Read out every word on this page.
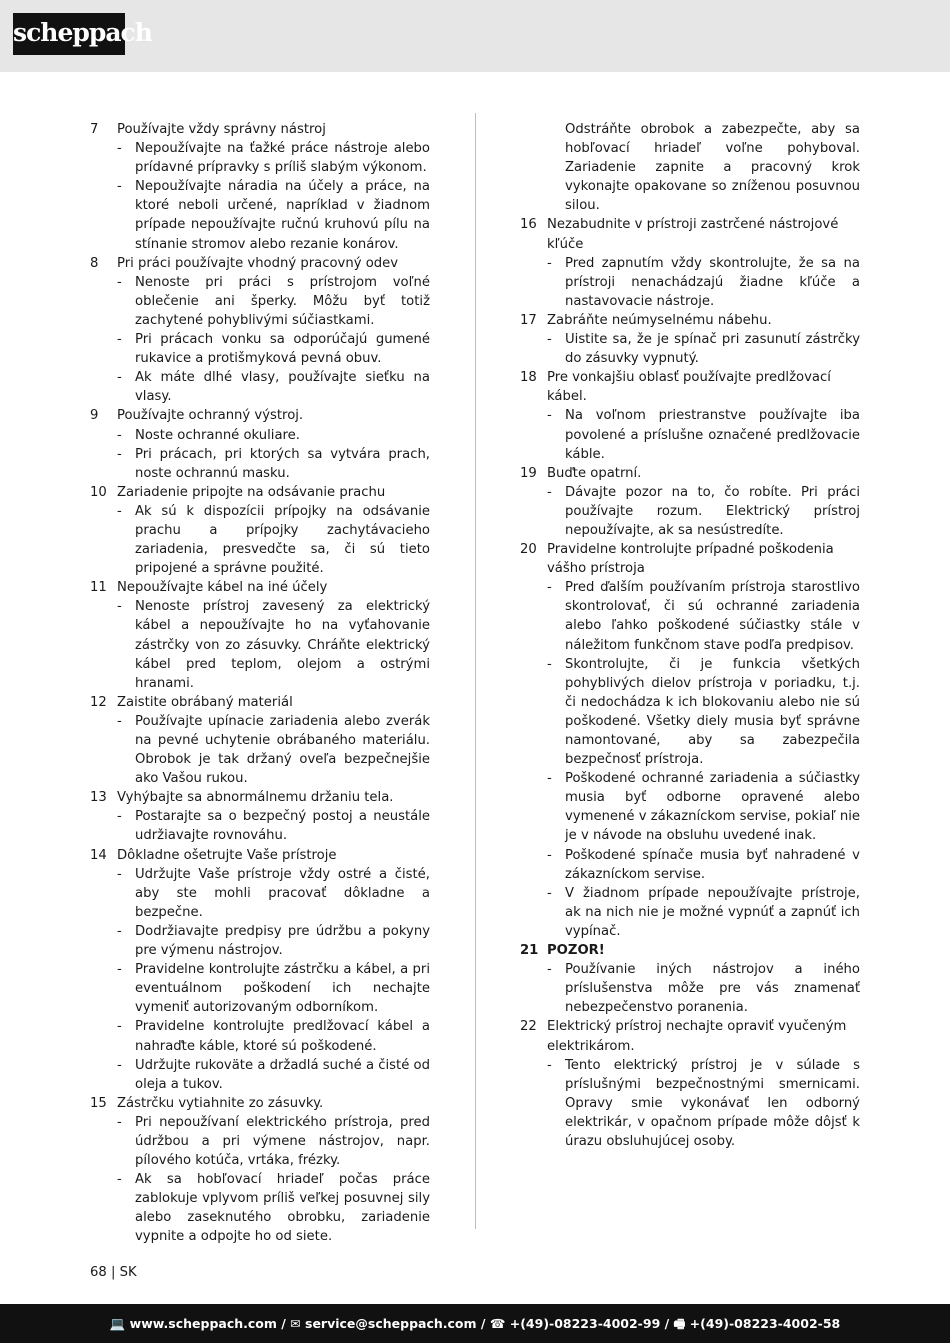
scheppach
7 Používajte vždy správny nástroj
- Nepoužívajte na ťažké práce nástroje alebo prídavné prípravky s príliš slabým výkonom.
- Nepoužívajte náradia na účely a práce, na ktoré neboli určené, napríklad v žiadnom prípade nepoužívajte ručnú kruhovú pílu na stínanie stromov alebo rezanie konárov.
8 Pri práci používajte vhodný pracovný odev
- Nenoste pri práci s prístrojom voľné oblečenie ani šperky. Môžu byť totiž zachytené pohyblivými súčiastkami.
- Pri prácach vonku sa odporúčajú gumené rukavice a protišmyková pevná obuv.
- Ak máte dlhé vlasy, používajte sieťku na vlasy.
9 Používajte ochranný výstroj.
- Noste ochranné okuliare.
- Pri prácach, pri ktorých sa vytvára prach, noste ochrannú masku.
10 Zariadenie pripojte na odsávanie prachu
- Ak sú k dispozícii prípojky na odsávanie prachu a prípojky zachytávacieho zariadenia, presvedčte sa, či sú tieto pripojené a správne použité.
11 Nepoužívajte kábel na iné účely
- Nenoste prístroj zavesený za elektrický kábel a nepoužívajte ho na vyťahovanie zástrčky von zo zásuvky. Chráňte elektrický kábel pred teplom, olejom a ostrými hranami.
12 Zaistite obrábaný materiál
- Používajte upínacie zariadenia alebo zverák na pevné uchytenie obrábaného materiálu. Obrobok je tak držaný oveľa bezpečnejšie ako Vašou rukou.
13 Vyhýbajte sa abnormálnemu držaniu tela.
- Postarajte sa o bezpečný postoj a neustále udržiavajte rovnováhu.
14 Dôkladne ošetrujte Vaše prístroje
- Udržujte Vaše prístroje vždy ostré a čisté, aby ste mohli pracovať dôkladne a bezpečne.
- Dodržiavajte predpisy pre údržbu a pokyny pre výmenu nástrojov.
- Pravidelne kontrolujte zástrčku a kábel, a pri eventuálnom poškodení ich nechajte vymeniť autorizovaným odborníkom.
- Pravidelne kontrolujte predlžovací kábel a nahraďte káble, ktoré sú poškodené.
- Udržujte rukoväte a držadlá suché a čisté od oleja a tukov.
15 Zástrčku vytiahnite zo zásuvky.
- Pri nepoužívaní elektrického prístroja, pred údržbou a pri výmene nástrojov, napr. pílového kotúča, vrtáka, frézky.
- Ak sa hobľovací hriadeľ počas práce zablokuje vplyvom príliš veľkej posuvnej sily alebo zaseknutého obrobku, zariadenie vypnite a odpojte ho od siete.
Odstráňte obrobok a zabezpečte, aby sa hobľovací hriadeľ voľne pohyboval. Zariadenie zapnite a pracovný krok vykonajte opakovane so zníženou posuvnou silou.
16 Nezabudnite v prístroji zastrčené nástrojové kľúče
- Pred zapnutím vždy skontrolujte, že sa na prístroji nenachádzajú žiadne kľúče a nastavovacie nástroje.
17 Zabráňte neúmyselnému nábehu.
- Uistite sa, že je spínač pri zasunutí zástrčky do zásuvky vypnutý.
18 Pre vonkajšiu oblasť používajte predlžovací kábel.
- Na voľnom priestranstve používajte iba povolené a príslušne označené predlžovacie káble.
19 Buďte opatrní.
- Dávajte pozor na to, čo robíte. Pri práci používajte rozum. Elektrický prístroj nepoužívajte, ak sa nesústredíte.
20 Pravidelne kontrolujte prípadné poškodenia vášho prístroja
- Pred ďalším používaním prístroja starostlivo skontrolovať, či sú ochranné zariadenia alebo ľahko poškodené súčiastky stále v náležitom funkčnom stave podľa predpisov.
- Skontrolujte, či je funkcia všetkých pohyblivých dielov prístroja v poriadku, t.j. či nedochádza k ich blokovaniu alebo nie sú poškodené. Všetky diely musia byť správne namontované, aby sa zabezpečila bezpečnosť prístroja.
- Poškodené ochranné zariadenia a súčiastky musia byť odborne opravené alebo vymenené v zákazníckom servise, pokiaľ nie je v návode na obsluhu uvedené inak.
- Poškodené spínače musia byť nahradené v zákazníckom servise.
- V žiadnom prípade nepoužívajte prístroje, ak na nich nie je možné vypnúť a zapnúť ich vypínač.
21 POZOR!
- Používanie iných nástrojov a iného príslušenstva môže pre vás znamenať nebezpečenstvo poranenia.
22 Elektrický prístroj nechajte opraviť vyučeným elektrikárom.
- Tento elektrický prístroj je v súlade s príslušnými bezpečnostnými smernicami. Opravy smie vykonávať len odborný elektrikár, v opačnom prípade môže dôjsť k úrazu obsluhujúcej osoby.
68 | SK
💻 www.scheppach.com / ✉ service@scheppach.com / ☎ +(49)-08223-4002-99 / 🖷 +(49)-08223-4002-58
